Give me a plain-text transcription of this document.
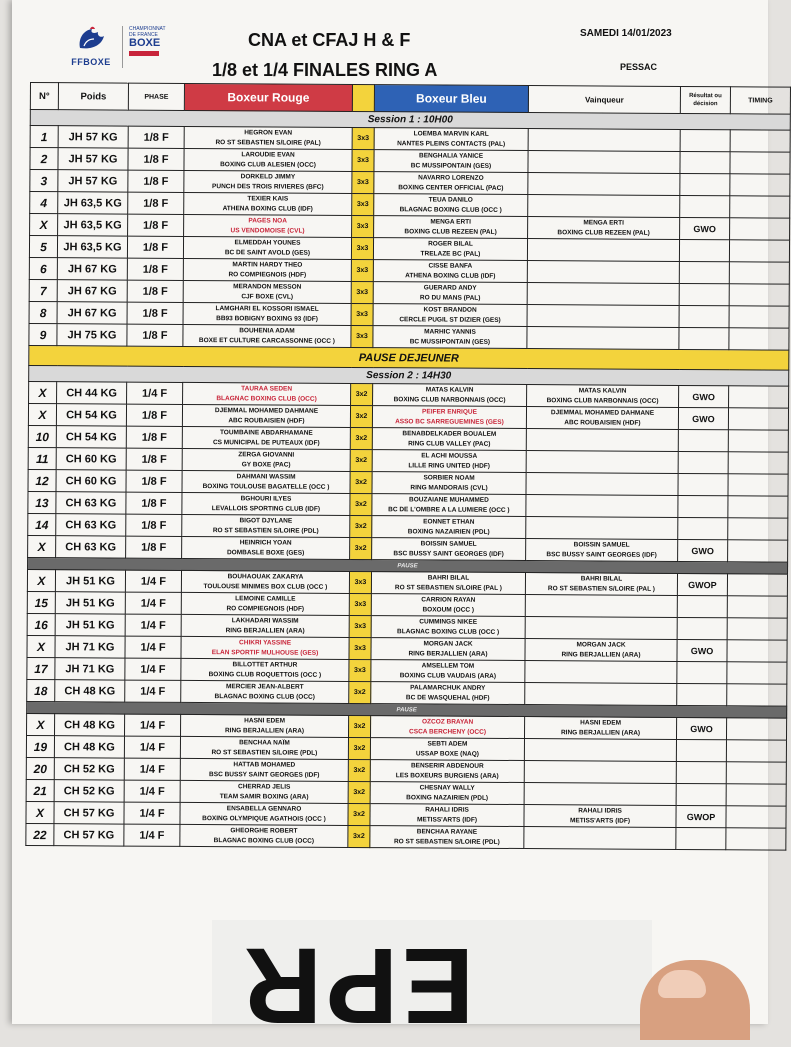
FFBOXE
CHAMPIONNAT DE FRANCE
BOXE	CNA et CFAJ H & F
1/8 et 1/4 FINALES RING A
SAMEDI 14/01/2023
PESSAC
N°	Poids	PHASE	Boxeur Rouge		Boxeur Bleu	Vainqueur	Résultat ou décision	TIMING
Session 1 : 10H00								
1	JH 57 KG	1/8 F	HEGRON EVAN
RO ST SEBASTIEN S/LOIRE (PAL)	3x3	LOEMBA MARVIN KARL
NANTES PLEINS CONTACTS (PAL)			

2	JH 57 KG	1/8 F	LAROUDIE EVAN
BOXING CLUB ALESIEN (OCC)	3x3	BENGHALIA YANICE
BC MUSSIPONTAIN (GES)			

3	JH 57 KG	1/8 F	DORKELD JIMMY
PUNCH DES TROIS RIVIERES (BFC)	3x3	NAVARRO LORENZO
BOXING CENTER OFFICIAL (PAC)			

4	JH 63,5 KG	1/8 F	TEXIER KAIS
ATHENA BOXING CLUB (IDF)	3x3	TEUA DANILO
BLAGNAC BOXING CLUB (OCC )			

X	JH 63,5 KG	1/8 F	PAGES NOA
US VENDOMOISE (CVL)	3x3	MENGA ERTI
BOXING CLUB REZEEN (PAL)	MENGA ERTI
BOXING CLUB REZEEN (PAL)	GWO	
5	JH 63,5 KG	1/8 F	ELMEDDAH YOUNES
BC DE SAINT AVOLD (GES)	3x3	ROGER BILAL
TRELAZE BC (PAL)			

6	JH 67 KG	1/8 F	MARTIN HARDY THEO
RO COMPIEGNOIS (HDF)	3x3	CISSE BANFA
ATHENA BOXING CLUB (IDF)			

7	JH 67 KG	1/8 F	MERANDON MESSON
CJF BOXE (CVL)	3x3	GUERARD ANDY
RO DU MANS (PAL)			

8	JH 67 KG	1/8 F	LAMGHARI EL KOSSORI ISMAEL
BB93 BOBIGNY BOXING 93 (IDF)	3x3	KOST BRANDON
CERCLE PUGIL ST DIZIER (GES)			

9	JH 75 KG	1/8 F	BOUHENIA ADAM
BOXE ET CULTURE CARCASSONNE (OCC )	3x3	MARHIC YANNIS
BC MUSSIPONTAIN (GES)			

PAUSE DEJEUNER								
Session 2 : 14H30								
X	CH 44 KG	1/4 F	TAURAA SEDEN
BLAGNAC BOXING CLUB (OCC)	3x2	MATAS KALVIN
BOXING CLUB NARBONNAIS (OCC)	MATAS KALVIN
BOXING CLUB NARBONNAIS (OCC)	GWO	
X	CH 54 KG	1/8 F	DJEMMAL MOHAMED DAHMANE
ABC ROUBAISIEN (HDF)	3x2	PEIFER ENRIQUE
ASSO BC SARREGUEMINES (GES)	DJEMMAL MOHAMED DAHMANE
ABC ROUBAISIEN (HDF)	GWO	
10	CH 54 KG	1/8 F	TOUMBAINE ABDARHAMANE
CS MUNICIPAL DE PUTEAUX (IDF)	3x2	BENABDELKADER BOUALEM
RING CLUB VALLEY (PAC)			

11	CH 60 KG	1/8 F	ZERGA GIOVANNI
GY BOXE (PAC)	3x2	EL ACHI MOUSSA
LILLE RING UNITED (HDF)			

12	CH 60 KG	1/8 F	DAHMANI WASSIM
BOXING TOULOUSE BAGATELLE (OCC )	3x2	SORBIER NOAM
RING MANDORAIS (CVL)			

13	CH 63 KG	1/8 F	BGHOURI ILYES
LEVALLOIS SPORTING CLUB (IDF)	3x2	BOUZAIANE MUHAMMED
BC DE L'OMBRE A LA LUMIERE (OCC )			

14	CH 63 KG	1/8 F	BIGOT DJYLANE
RO ST SEBASTIEN S/LOIRE (PDL)	3x2	EONNET ETHAN
BOXING NAZAIRIEN (PDL)			

X	CH 63 KG	1/8 F	HEINRICH YOAN
DOMBASLE BOXE (GES)	3x2	BOISSIN SAMUEL
BSC BUSSY SAINT GEORGES (IDF)	BOISSIN SAMUEL
BSC BUSSY SAINT GEORGES (IDF)	GWO	
PAUSE								
X	JH 51 KG	1/4 F	BOUHAOUAK ZAKARYA
TOULOUSE MINIMES BOX CLUB (OCC )	3x3	BAHRI BILAL
RO ST SEBASTIEN S/LOIRE (PAL )	BAHRI BILAL
RO ST SEBASTIEN S/LOIRE (PAL )	GWOP	
15	JH 51 KG	1/4 F	LEMOINE CAMILLE
RO COMPIEGNOIS (HDF)	3x3	CARRION RAYAN
BOXOUM (OCC )			

16	JH 51 KG	1/4 F	LAKHADARI WASSIM
RING BERJALLIEN (ARA)	3x3	CUMMINGS NIKEE
BLAGNAC BOXING CLUB (OCC )			

X	JH 71 KG	1/4 F	CHIKRI YASSINE
ELAN SPORTIF MULHOUSE (GES)	3x3	MORGAN JACK
RING BERJALLIEN (ARA)	MORGAN JACK
RING BERJALLIEN (ARA)	GWO	
17	JH 71 KG	1/4 F	BILLOTTET ARTHUR
BOXING CLUB ROQUETTOIS (OCC )	3x3	AMSELLEM TOM
BOXING CLUB VAUDAIS (ARA)			

18	CH 48 KG	1/4 F	MERCIER JEAN-ALBERT
BLAGNAC BOXING CLUB (OCC)	3x2	PALAMARCHUK ANDRY
BC DE WASQUEHAL (HDF)			

PAUSE								
X	CH 48 KG	1/4 F	HASNI EDEM
RING BERJALLIEN (ARA)	3x2	OZCOZ BRAYAN
CSCA BERCHENY (OCC)	HASNI EDEM
RING BERJALLIEN (ARA)	GWO	
19	CH 48 KG	1/4 F	BENCHAA NAÏM
RO ST SEBASTIEN S/LOIRE (PDL)	3x2	SEBTI ADEM
USSAP BOXE (NAQ)			

20	CH 52 KG	1/4 F	HATTAB MOHAMED
BSC BUSSY SAINT GEORGES (IDF)	3x2	BENSERIR ABDENOUR
LES BOXEURS BURGIENS (ARA)			

21	CH 52 KG	1/4 F	CHERRAD JELIS
TEAM SAMIR BOXING (ARA)	3x2	CHESNAY WALLY
BOXING NAZAIRIEN (PDL)			

X	CH 57 KG	1/4 F	ENSABELLA GENNARO
BOXING OLYMPIQUE AGATHOIS (OCC )	3x2	RAHALI IDRIS
METISS'ARTS (IDF)	RAHALI IDRIS
METISS'ARTS (IDF)	GWOP	
22	CH 57 KG	1/4 F	GHEORGHE ROBERT
BLAGNAC BOXING CLUB (OCC)	3x2	BENCHAA RAYANE
RO ST SEBASTIEN S/LOIRE (PDL)			

EPR
